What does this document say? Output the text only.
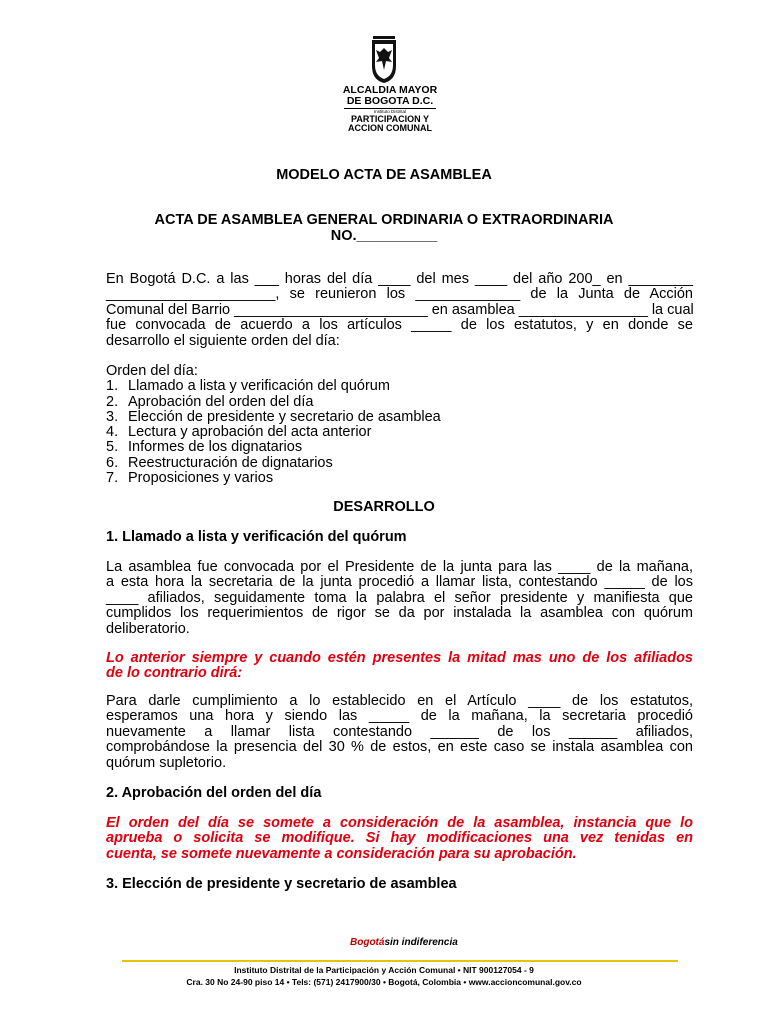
ALCALDIA MAYOR
DE BOGOTA D.C.
Instituto Distrital
PARTICIPACION Y
ACCION COMUNAL
MODELO ACTA DE ASAMBLEA
ACTA DE ASAMBLEA GENERAL ORDINARIA O EXTRAORDINARIA
NO.__________
En Bogotá D.C. a las ___ horas del día ____ del mes ____ del año 200_ en ________
_____________________, se reunieron los _____________ de la Junta de Acción
Comunal del Barrio ________________________ en asamblea ________________ la cual
fue convocada de acuerdo a los artículos _____ de los estatutos, y en donde se
desarrollo el siguiente orden del día:
Orden del día:
1. Llamado a lista y verificación del quórum
2. Aprobación del orden del día
3. Elección de presidente y secretario de asamblea
4. Lectura y aprobación del acta anterior
5. Informes de los dignatarios
6. Reestructuración de dignatarios
7. Proposiciones y varios
DESARROLLO
1. Llamado a lista y verificación del quórum
La asamblea fue convocada por el Presidente de la junta para las ____ de la mañana,
a esta hora la secretaria de la junta procedió a llamar lista, contestando _____ de los
____ afiliados, seguidamente toma la palabra el señor presidente y manifiesta que
cumplidos los requerimientos de rigor se da por instalada la asamblea con quórum
deliberatorio.
Lo anterior siempre y cuando estén presentes la mitad mas uno de los afiliados
de lo contrario dirá:
Para darle cumplimiento a lo establecido en el Artículo ____ de los estatutos,
esperamos una hora y siendo las _____ de la mañana, la secretaria procedió
nuevamente a llamar lista contestando ______ de los ______ afiliados,
comprobándose la presencia del 30 % de estos, en este caso se instala asamblea con
quórum supletorio.
2. Aprobación del orden del día
El orden del día se somete a consideración de la asamblea, instancia que lo
aprueba o solicita se modifique. Si hay modificaciones una vez tenidas en
cuenta, se somete nuevamente a consideración para su aprobación.
3. Elección de presidente y secretario de asamblea
Bogotásin indiferencia
Instituto Distrital de la Participación y Acción Comunal • NIT 900127054 - 9
Cra. 30 No 24-90 piso 14 • Tels: (571) 2417900/30 • Bogotá, Colombia • www.accioncomunal.gov.co
